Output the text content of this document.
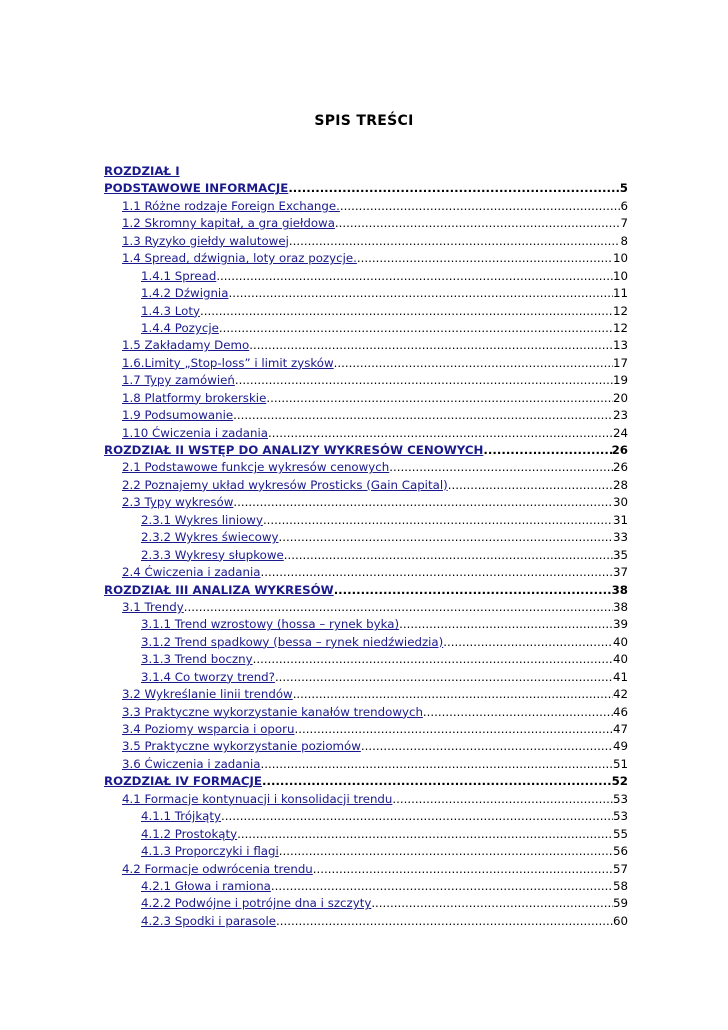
SPIS TREŚCI
ROZDZIAŁ I
PODSTAWOWE INFORMACJE .....	5
1.1 Różne rodzaje Foreign Exchange. .....	6
1.2 Skromny kapitał, a gra giełdowa .....	7
1.3 Ryzyko giełdy walutowej .....	8
1.4 Spread, dźwignia, loty oraz pozycje. .....	10
1.4.1 Spread .....	10
1.4.2 Dźwignia .....	11
1.4.3 Loty .....	12
1.4.4 Pozycje .....	12
1.5 Zakładamy Demo .....	13
1.6.Limity „Stop-loss” i limit zysków .....	17
1.7 Typy zamówień .....	19
1.8 Platformy brokerskie .....	20
1.9 Podsumowanie .....	23
1.10 Ćwiczenia i zadania .....	24
ROZDZIAŁ II WSTĘP DO ANALIZY WYKRESÓW CENOWYCH .....	26
2.1 Podstawowe funkcje wykresów cenowych .....	26
2.2 Poznajemy układ wykresów Prosticks (Gain Capital) .....	28
2.3 Typy wykresów .....	30
2.3.1 Wykres liniowy .....	31
2.3.2 Wykres świecowy .....	33
2.3.3 Wykresy słupkowe .....	35
2.4 Ćwiczenia i zadania .....	37
ROZDZIAŁ III ANALIZA WYKRESÓW .....	38
3.1 Trendy .....	38
3.1.1 Trend wzrostowy (hossa – rynek byka) .....	39
3.1.2 Trend spadkowy (bessa – rynek niedźwiedzia) .....	40
3.1.3 Trend boczny .....	40
3.1.4 Co tworzy trend? .....	41
3.2 Wykreślanie linii trendów .....	42
3.3 Praktyczne wykorzystanie kanałów trendowych .....	46
3.4 Poziomy wsparcia i oporu .....	47
3.5 Praktyczne wykorzystanie poziomów .....	49
3.6 Ćwiczenia i zadania .....	51
ROZDZIAŁ IV FORMACJE .....	52
4.1 Formacje kontynuacji i konsolidacji trendu .....	53
4.1.1 Trójkąty .....	53
4.1.2 Prostokąty .....	55
4.1.3 Proporczyki i flagi .....	56
4.2 Formacje odwrócenia trendu .....	57
4.2.1 Głowa i ramiona .....	58
4.2.2 Podwójne i potrójne dna i szczyty .....	59
4.2.3 Spodki i parasole .....	60
